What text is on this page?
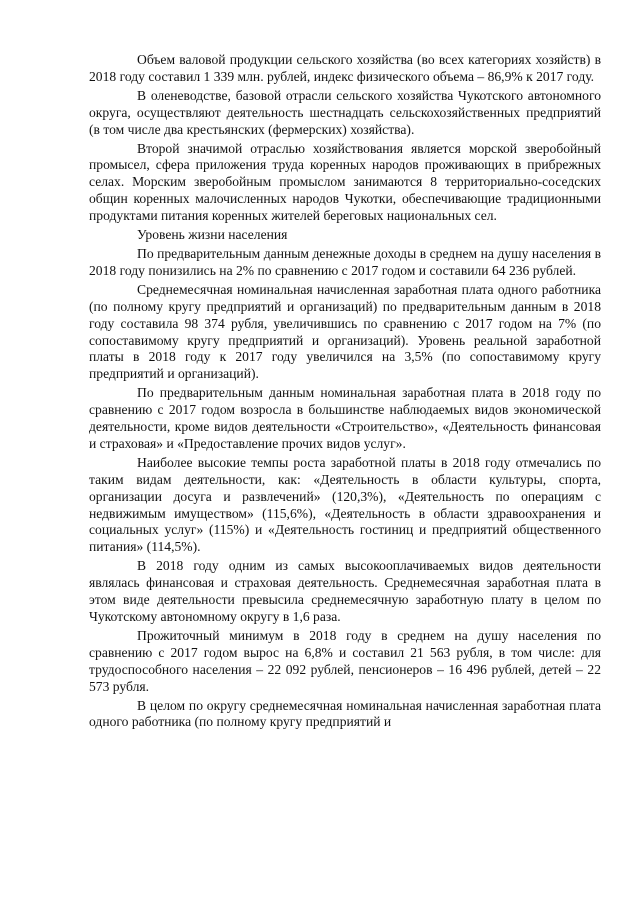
Объем валовой продукции сельского хозяйства (во всех категориях хозяйств) в 2018 году составил 1 339 млн. рублей, индекс физического объема – 86,9% к 2017 году.

В оленеводстве, базовой отрасли сельского хозяйства Чукотского автономного округа, осуществляют деятельность шестнадцать сельскохозяйственных предприятий (в том числе два крестьянских (фермерских) хозяйства).

Второй значимой отраслью хозяйствования является морской зверобойный промысел, сфера приложения труда коренных народов проживающих в прибрежных селах. Морским зверобойным промыслом занимаются 8 территориально-соседских общин коренных малочисленных народов Чукотки, обеспечивающие традиционными продуктами питания коренных жителей береговых национальных сел.

Уровень жизни населения

По предварительным данным денежные доходы в среднем на душу населения в 2018 году понизились на 2% по сравнению с 2017 годом и составили 64 236 рублей.

Среднемесячная номинальная начисленная заработная плата одного работника (по полному кругу предприятий и организаций) по предварительным данным в 2018 году составила 98 374 рубля, увеличившись по сравнению с 2017 годом на 7% (по сопоставимому кругу предприятий и организаций). Уровень реальной заработной платы в 2018 году к 2017 году увеличился на 3,5% (по сопоставимому кругу предприятий и организаций).

По предварительным данным номинальная заработная плата в 2018 году по сравнению с 2017 годом возросла в большинстве наблюдаемых видов экономической деятельности, кроме видов деятельности «Строительство», «Деятельность финансовая и страховая» и «Предоставление прочих видов услуг».

Наиболее высокие темпы роста заработной платы в 2018 году отмечались по таким видам деятельности, как: «Деятельность в области культуры, спорта, организации досуга и развлечений» (120,3%), «Деятельность по операциям с недвижимым имуществом» (115,6%), «Деятельность в области здравоохранения и социальных услуг» (115%) и «Деятельность гостиниц и предприятий общественного питания» (114,5%).

В 2018 году одним из самых высокооплачиваемых видов деятельности являлась финансовая и страховая деятельность. Среднемесячная заработная плата в этом виде деятельности превысила среднемесячную заработную плату в целом по Чукотскому автономному округу в 1,6 раза.

Прожиточный минимум в 2018 году в среднем на душу населения по сравнению с 2017 годом вырос на 6,8% и составил 21 563 рубля, в том числе: для трудоспособного населения – 22 092 рублей, пенсионеров – 16 496 рублей, детей – 22 573 рубля.

В целом по округу среднемесячная номинальная начисленная заработная плата одного работника (по полному кругу предприятий и
